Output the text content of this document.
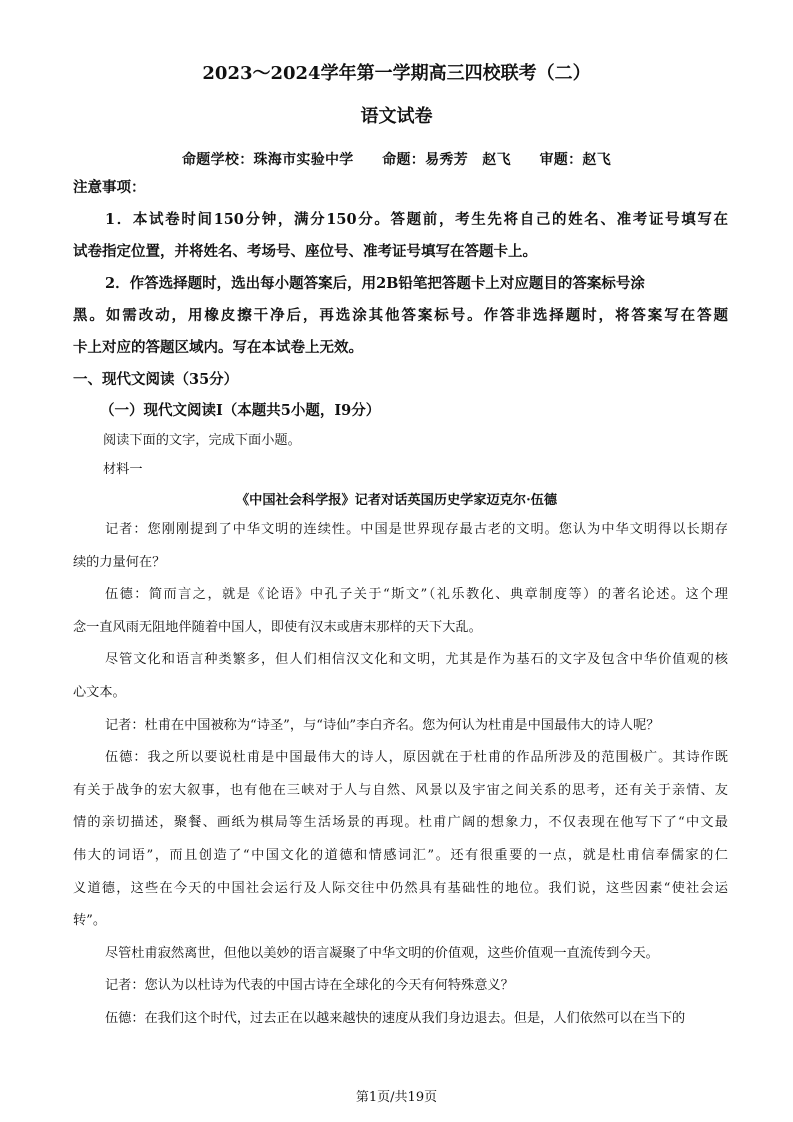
2023～2024学年第一学期高三四校联考（二）
语文试卷
命题学校：珠海市实验中学　　命题：易秀芳　赵飞　　审题：赵飞
注意事项：
1．本试卷时间150分钟，满分150分。答题前，考生先将自己的姓名、准考证号填写在
试卷指定位置，并将姓名、考场号、座位号、准考证号填写在答题卡上。
2．作答选择题时，选出每小题答案后，用2B铅笔把答题卡上对应题目的答案标号涂
黑。如需改动，用橡皮擦干净后，再选涂其他答案标号。作答非选择题时，将答案写在答题
卡上对应的答题区域内。写在本试卷上无效。
一、现代文阅读（35分）
（一）现代文阅读Ⅰ（本题共5小题，I9分）
阅读下面的文字，完成下面小题。
材料一
《中国社会科学报》记者对话英国历史学家迈克尔·伍德
记者：您刚刚提到了中华文明的连续性。中国是世界现存最古老的文明。您认为中华文明得以长期存
续的力量何在？
伍德：简而言之，就是《论语》中孔子关于“斯文”（礼乐教化、典章制度等）的著名论述。这个理
念一直风雨无阻地伴随着中国人，即使有汉末或唐末那样的天下大乱。
尽管文化和语言种类繁多，但人们相信汉文化和文明，尤其是作为基石的文字及包含中华价值观的核
心文本。
记者：杜甫在中国被称为“诗圣”，与“诗仙”李白齐名。您为何认为杜甫是中国最伟大的诗人呢？
伍德：我之所以要说杜甫是中国最伟大的诗人，原因就在于杜甫的作品所涉及的范围极广。其诗作既
有关于战争的宏大叙事，也有他在三峡对于人与自然、风景以及宇宙之间关系的思考，还有关于亲情、友
情的亲切描述，聚餐、画纸为棋局等生活场景的再现。杜甫广阔的想象力，不仅表现在他写下了“中文最
伟大的词语”，而且创造了“中国文化的道德和情感词汇”。还有很重要的一点，就是杜甫信奉儒家的仁
义道德，这些在今天的中国社会运行及人际交往中仍然具有基础性的地位。我们说，这些因素“使社会运
转”。
尽管杜甫寂然离世，但他以美妙的语言凝聚了中华文明的价值观，这些价值观一直流传到今天。
记者：您认为以杜诗为代表的中国古诗在全球化的今天有何特殊意义？
伍德：在我们这个时代，过去正在以越来越快的速度从我们身边退去。但是，人们依然可以在当下的
第1页/共19页
